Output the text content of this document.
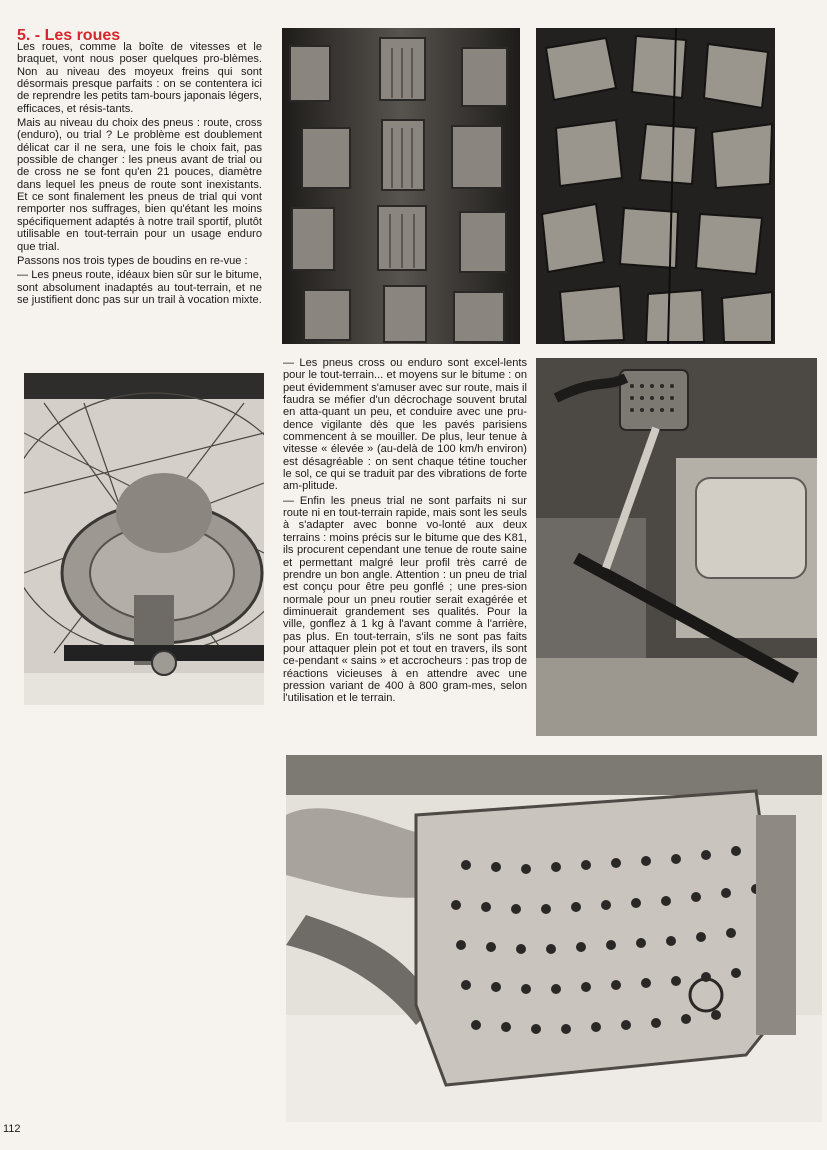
5. - Les roues

Les roues, comme la boîte de vitesses et le braquet, vont nous poser quelques pro-blèmes. Non au niveau des moyeux freins qui sont désormais presque parfaits : on se contentera ici de reprendre les petits tam-bours japonais légers, efficaces, et résis-tants.

Mais au niveau du choix des pneus : route, cross (enduro), ou trial ? Le problème est doublement délicat car il ne sera, une fois le choix fait, pas possible de changer : les pneus avant de trial ou de cross ne se font qu'en 21 pouces, diamètre dans lequel les pneus de route sont inexistants. Et ce sont finalement les pneus de trial qui vont remporter nos suffrages, bien qu'étant les moins spécifiquement adaptés à notre trail sportif, plutôt utilisable en tout-terrain pour un usage enduro que trial.

Passons nos trois types de boudins en re-vue :

— Les pneus route, idéaux bien sûr sur le bitume, sont absolument inadaptés au tout-terrain, et ne se justifient donc pas sur un trail à vocation mixte.

— Les pneus cross ou enduro sont excel-lents pour le tout-terrain... et moyens sur le bitume : on peut évidemment s'amuser avec sur route, mais il faudra se méfier d'un décrochage souvent brutal en atta-quant un peu, et conduire avec une pru-dence vigilante dès que les pavés parisiens commencent à se mouiller. De plus, leur tenue à vitesse « élevée » (au-delà de 100 km/h environ) est désagréable : on sent chaque tétine toucher le sol, ce qui se traduit par des vibrations de forte am-plitude.

— Enfin les pneus trial ne sont parfaits ni sur route ni en tout-terrain rapide, mais sont les seuls à s'adapter avec bonne vo-lonté aux deux terrains : moins précis sur le bitume que des K81, ils procurent cependant une tenue de route saine et permettant malgré leur profil très carré de prendre un bon angle. Attention : un pneu de trial est conçu pour être peu gonflé ; une pres-sion normale pour un pneu routier serait exagérée et diminuerait grandement ses qualités. Pour la ville, gonflez à 1 kg à l'avant comme à l'arrière, pas plus. En tout-terrain, s'ils ne sont pas faits pour attaquer plein pot et tout en travers, ils sont ce-pendant « sains » et accrocheurs : pas trop de réactions vicieuses à en attendre avec une pression variant de 400 à 800 gram-mes, selon l'utilisation et le terrain.

112
